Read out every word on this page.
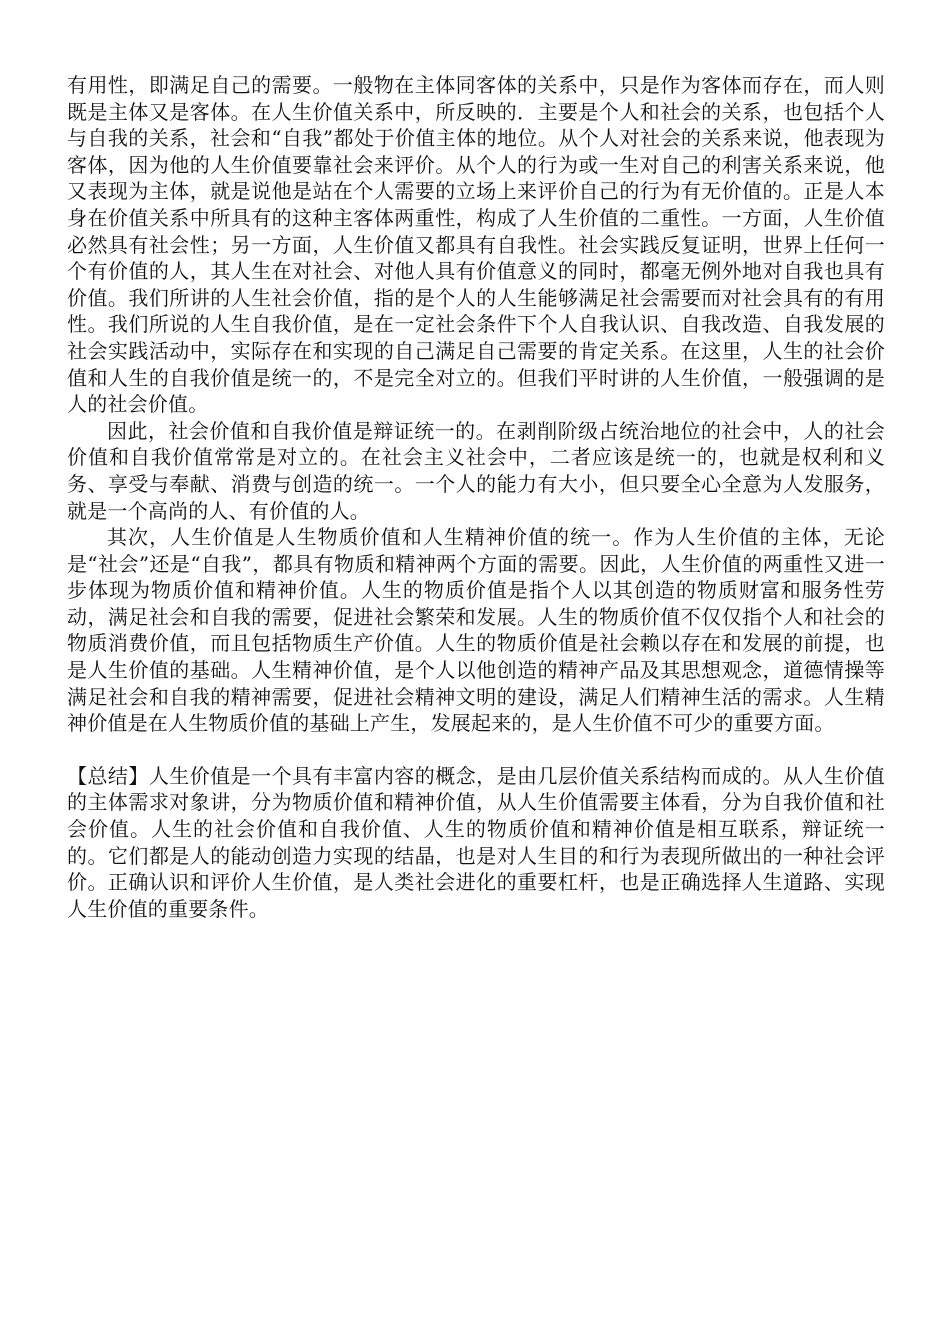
有用性，即满足自己的需要。一般物在主体同客体的关系中，只是作为客体而存在，而人则既是主体又是客体。在人生价值关系中，所反映的．主要是个人和社会的关系，也包括个人与自我的关系，社会和“自我”都处于价值主体的地位。从个人对社会的关系来说，他表现为客体，因为他的人生价值要靠社会来评价。从个人的行为或一生对自己的利害关系来说，他又表现为主体，就是说他是站在个人需要的立场上来评价自己的行为有无价值的。正是人本身在价值关系中所具有的这种主客体两重性，构成了人生价值的二重性。一方面，人生价值必然具有社会性；另一方面，人生价值又都具有自我性。社会实践反复证明，世界上任何一个有价值的人，其人生在对社会、对他人具有价值意义的同时，都毫无例外地对自我也具有价值。我们所讲的人生社会价值，指的是个人的人生能够满足社会需要而对社会具有的有用性。我们所说的人生自我价值，是在一定社会条件下个人自我认识、自我改造、自我发展的社会实践活动中，实际存在和实现的自己满足自己需要的肯定关系。在这里，人生的社会价值和人生的自我价值是统一的，不是完全对立的。但我们平时讲的人生价值，一般强调的是人的社会价值。

因此，社会价值和自我价值是辩证统一的。在剥削阶级占统治地位的社会中，人的社会价值和自我价值常常是对立的。在社会主义社会中，二者应该是统一的，也就是权利和义务、享受与奉献、消费与创造的统一。一个人的能力有大小，但只要全心全意为人发服务，就是一个高尚的人、有价值的人。

其次，人生价值是人生物质价值和人生精神价值的统一。作为人生价值的主体，无论是“社会”还是“自我”，都具有物质和精神两个方面的需要。因此，人生价值的两重性又进一步体现为物质价值和精神价值。人生的物质价值是指个人以其创造的物质财富和服务性劳动，满足社会和自我的需要，促进社会繁荣和发展。人生的物质价值不仅仅指个人和社会的物质消费价值，而且包括物质生产价值。人生的物质价值是社会赖以存在和发展的前提，也是人生价值的基础。人生精神价值，是个人以他创造的精神产品及其思想观念，道德情操等满足社会和自我的精神需要，促进社会精神文明的建设，满足人们精神生活的需求。人生精神价值是在人生物质价值的基础上产生，发展起来的，是人生价值不可少的重要方面。

【总结】人生价值是一个具有丰富内容的概念，是由几层价值关系结构而成的。从人生价值的主体需求对象讲，分为物质价值和精神价值，从人生价值需要主体看，分为自我价值和社会价值。人生的社会价值和自我价值、人生的物质价值和精神价值是相互联系，辩证统一的。它们都是人的能动创造力实现的结晶，也是对人生目的和行为表现所做出的一种社会评价。正确认识和评价人生价值，是人类社会进化的重要杠杆，也是正确选择人生道路、实现人生价值的重要条件。
